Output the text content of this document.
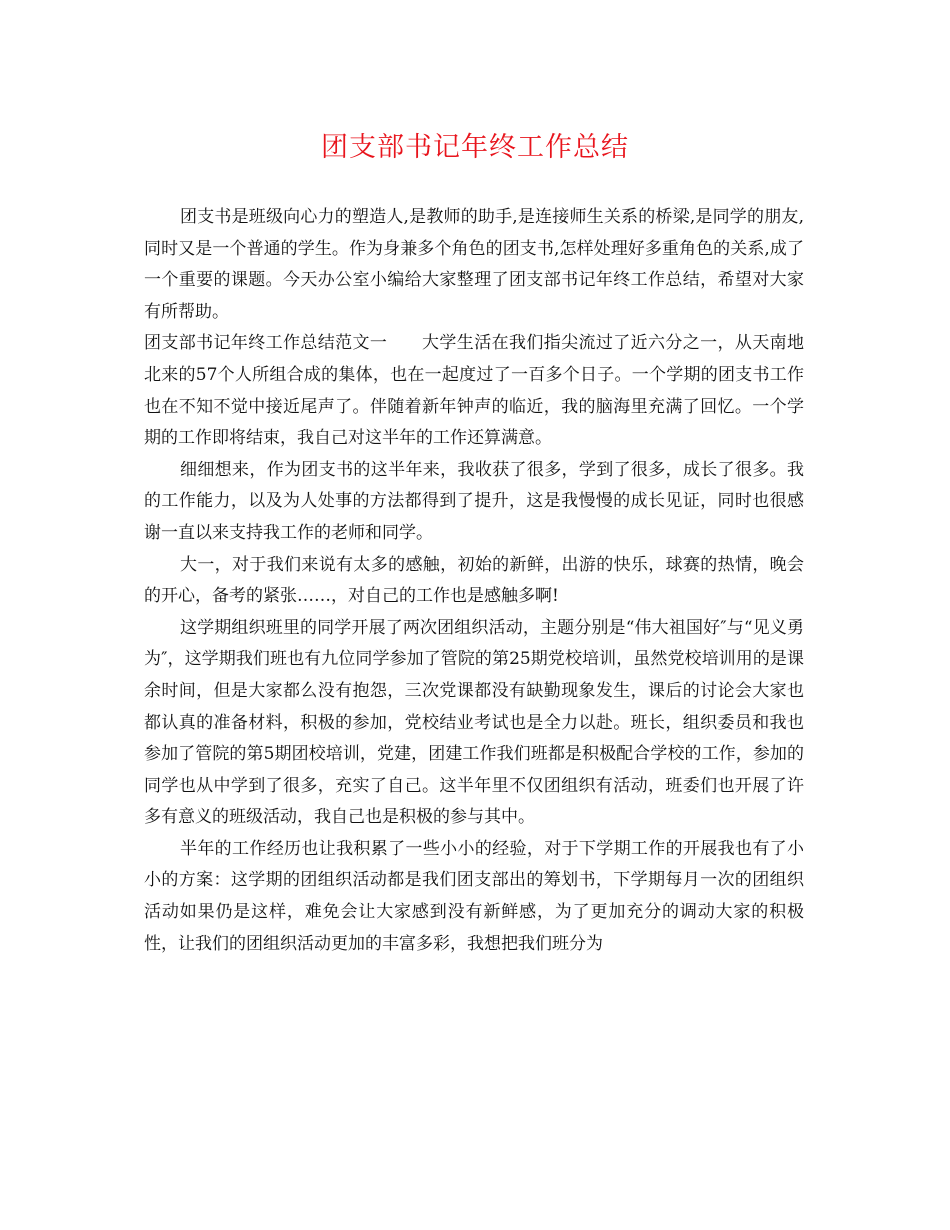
团支部书记年终工作总结

团支书是班级向心力的塑造人,是教师的助手,是连接师生关系的桥梁,是同学的朋友,同时又是一个普通的学生。作为身兼多个角色的团支书,怎样处理好多重角色的关系,成了一个重要的课题。今天办公室小编给大家整理了团支部书记年终工作总结，希望对大家有所帮助。

团支部书记年终工作总结范文一　　大学生活在我们指尖流过了近六分之一，从天南地北来的57个人所组合成的集体，也在一起度过了一百多个日子。一个学期的团支书工作也在不知不觉中接近尾声了。伴随着新年钟声的临近，我的脑海里充满了回忆。一个学期的工作即将结束，我自己对这半年的工作还算满意。

细细想来，作为团支书的这半年来，我收获了很多，学到了很多，成长了很多。我的工作能力，以及为人处事的方法都得到了提升，这是我慢慢的成长见证，同时也很感谢一直以来支持我工作的老师和同学。

大一，对于我们来说有太多的感触，初始的新鲜，出游的快乐，球赛的热情，晚会的开心，备考的紧张……，对自己的工作也是感触多啊!

这学期组织班里的同学开展了两次团组织活动，主题分别是“伟大祖国好″与“见义勇为″，这学期我们班也有九位同学参加了管院的第25期党校培训，虽然党校培训用的是课余时间，但是大家都么没有抱怨，三次党课都没有缺勤现象发生，课后的讨论会大家也都认真的准备材料，积极的参加，党校结业考试也是全力以赴。班长，组织委员和我也参加了管院的第5期团校培训，党建，团建工作我们班都是积极配合学校的工作，参加的同学也从中学到了很多，充实了自己。这半年里不仅团组织有活动，班委们也开展了许多有意义的班级活动，我自己也是积极的参与其中。

半年的工作经历也让我积累了一些小小的经验，对于下学期工作的开展我也有了小小的方案：这学期的团组织活动都是我们团支部出的筹划书，下学期每月一次的团组织活动如果仍是这样，难免会让大家感到没有新鲜感，为了更加充分的调动大家的积极性，让我们的团组织活动更加的丰富多彩，我想把我们班分为
